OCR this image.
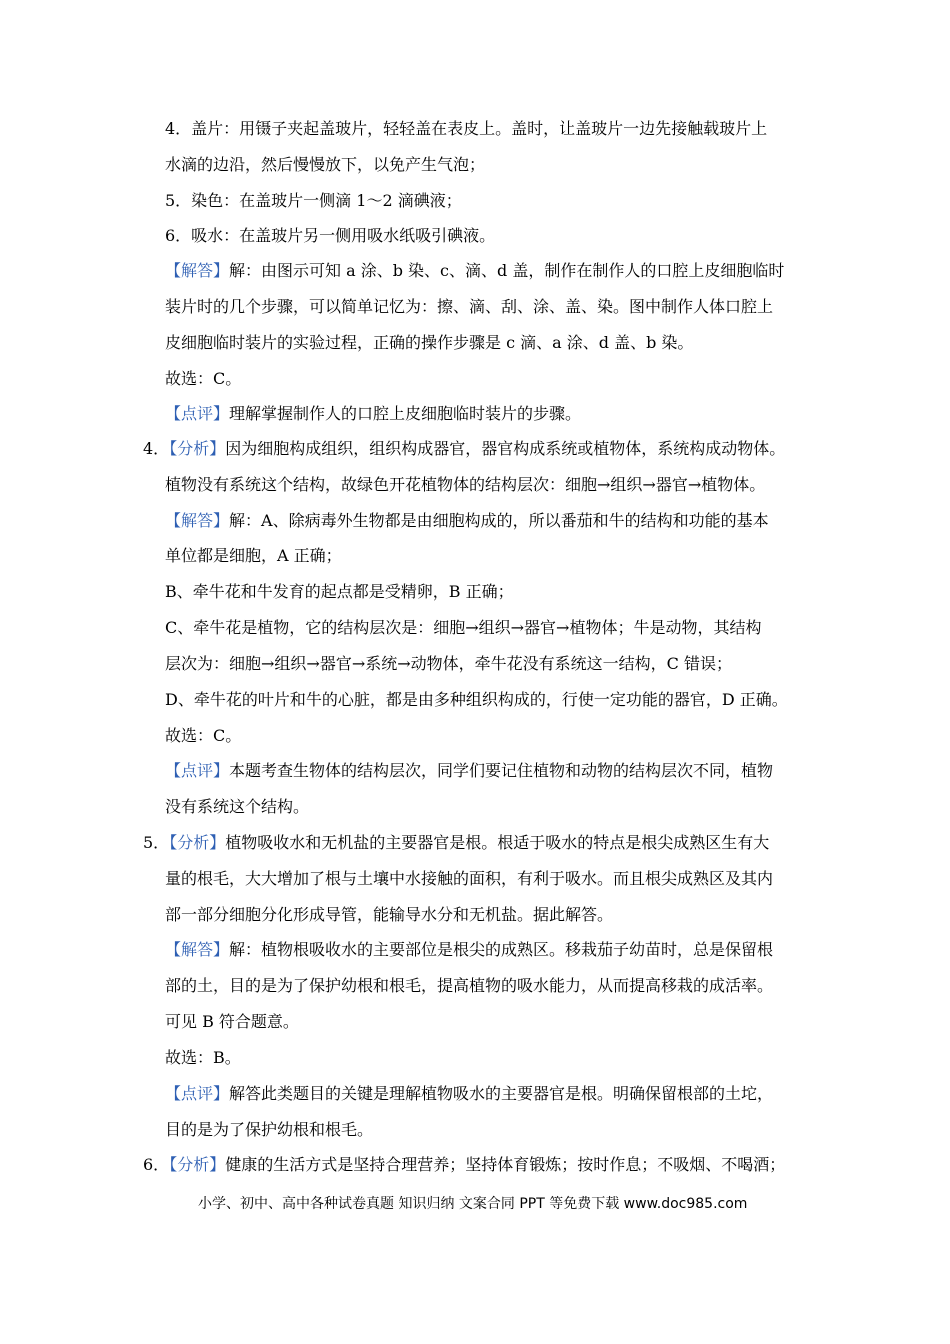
4．盖片：用镊子夹起盖玻片，轻轻盖在表皮上。盖时，让盖玻片一边先接触载玻片上
水滴的边沿，然后慢慢放下，以免产生气泡；
5．染色：在盖玻片一侧滴 1～2 滴碘液；
6．吸水：在盖玻片另一侧用吸水纸吸引碘液。
【解答】解：由图示可知 a 涂、b 染、c、滴、d 盖，制作在制作人的口腔上皮细胞临时
装片时的几个步骤，可以简单记忆为：擦、滴、刮、涂、盖、染。图中制作人体口腔上
皮细胞临时装片的实验过程，正确的操作步骤是 c 滴、a 涂、d 盖、b 染。
故选：C。
【点评】理解掌握制作人的口腔上皮细胞临时装片的步骤。
4．【分析】因为细胞构成组织，组织构成器官，器官构成系统或植物体，系统构成动物体。
植物没有系统这个结构，故绿色开花植物体的结构层次：细胞→组织→器官→植物体。
【解答】解：A、除病毒外生物都是由细胞构成的，所以番茄和牛的结构和功能的基本
单位都是细胞，A 正确；
B、牵牛花和牛发育的起点都是受精卵，B 正确；
C、牵牛花是植物，它的结构层次是：细胞→组织→器官→植物体；牛是动物，其结构
层次为：细胞→组织→器官→系统→动物体，牵牛花没有系统这一结构，C 错误；
D、牵牛花的叶片和牛的心脏，都是由多种组织构成的，行使一定功能的器官，D 正确。
故选：C。
【点评】本题考查生物体的结构层次，同学们要记住植物和动物的结构层次不同，植物
没有系统这个结构。
5．【分析】植物吸收水和无机盐的主要器官是根。根适于吸水的特点是根尖成熟区生有大
量的根毛，大大增加了根与土壤中水接触的面积，有利于吸水。而且根尖成熟区及其内
部一部分细胞分化形成导管，能输导水分和无机盐。据此解答。
【解答】解：植物根吸收水的主要部位是根尖的成熟区。移栽茄子幼苗时，总是保留根
部的土，目的是为了保护幼根和根毛，提高植物的吸水能力，从而提高移栽的成活率。
可见 B 符合题意。
故选：B。
【点评】解答此类题目的关键是理解植物吸水的主要器官是根。明确保留根部的土坨，
目的是为了保护幼根和根毛。
6．【分析】健康的生活方式是坚持合理营养；坚持体育锻炼；按时作息；不吸烟、不喝酒；
小学、初中、高中各种试卷真题 知识归纳 文案合同 PPT 等免费下载 www.doc985.com
